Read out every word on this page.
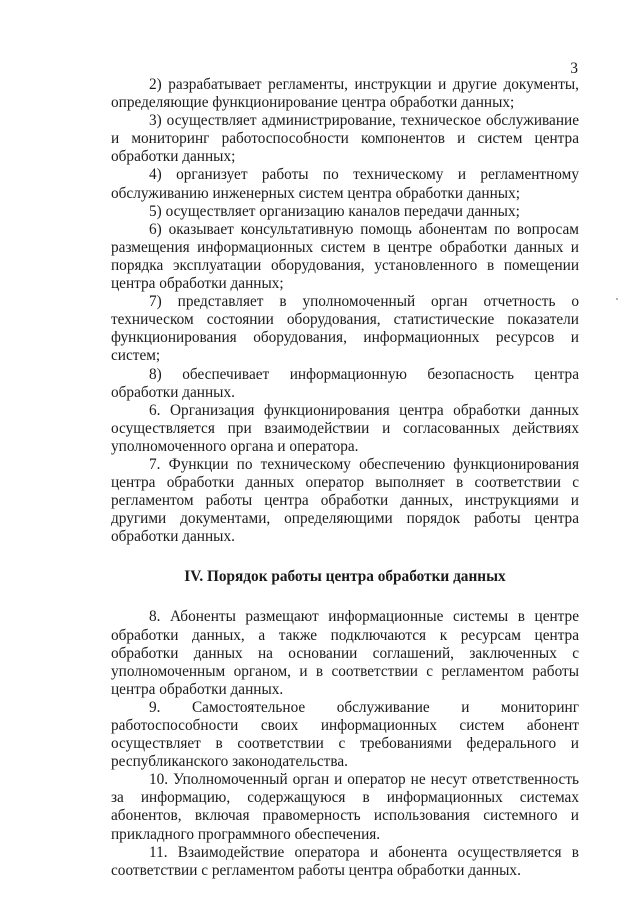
3

2) разрабатывает регламенты, инструкции и другие документы, определяющие функционирование центра обработки данных;

3) осуществляет администрирование, техническое обслуживание и мониторинг работоспособности компонентов и систем центра обработки данных;

4) организует работы по техническому и регламентному обслуживанию инженерных систем центра обработки данных;

5) осуществляет организацию каналов передачи данных;

6) оказывает консультативную помощь абонентам по вопросам размещения информационных систем в центре обработки данных и порядка эксплуатации оборудования, установленного в помещении центра обработки данных;

7) представляет в уполномоченный орган отчетность о техническом состоянии оборудования, статистические показатели функционирования оборудования, информационных ресурсов и систем;

8) обеспечивает информационную безопасность центра обработки данных.

6. Организация функционирования центра обработки данных осуществляется при взаимодействии и согласованных действиях уполномоченного органа и оператора.

7. Функции по техническому обеспечению функционирования центра обработки данных оператор выполняет в соответствии с регламентом работы центра обработки данных, инструкциями и другими документами, определяющими порядок работы центра обработки данных.

IV. Порядок работы центра обработки данных

8. Абоненты размещают информационные системы в центре обработки данных, а также подключаются к ресурсам центра обработки данных на основании соглашений, заключенных с уполномоченным органом, и в соответствии с регламентом работы центра обработки данных.

9. Самостоятельное обслуживание и мониторинг работоспособности своих информационных систем абонент осуществляет в соответствии с требованиями федерального и республиканского законодательства.

10. Уполномоченный орган и оператор не несут ответственность за информацию, содержащуюся в информационных системах абонентов, включая правомерность использования системного и прикладного программного обеспечения.

11. Взаимодействие оператора и абонента осуществляется в соответствии с регламентом работы центра обработки данных.
